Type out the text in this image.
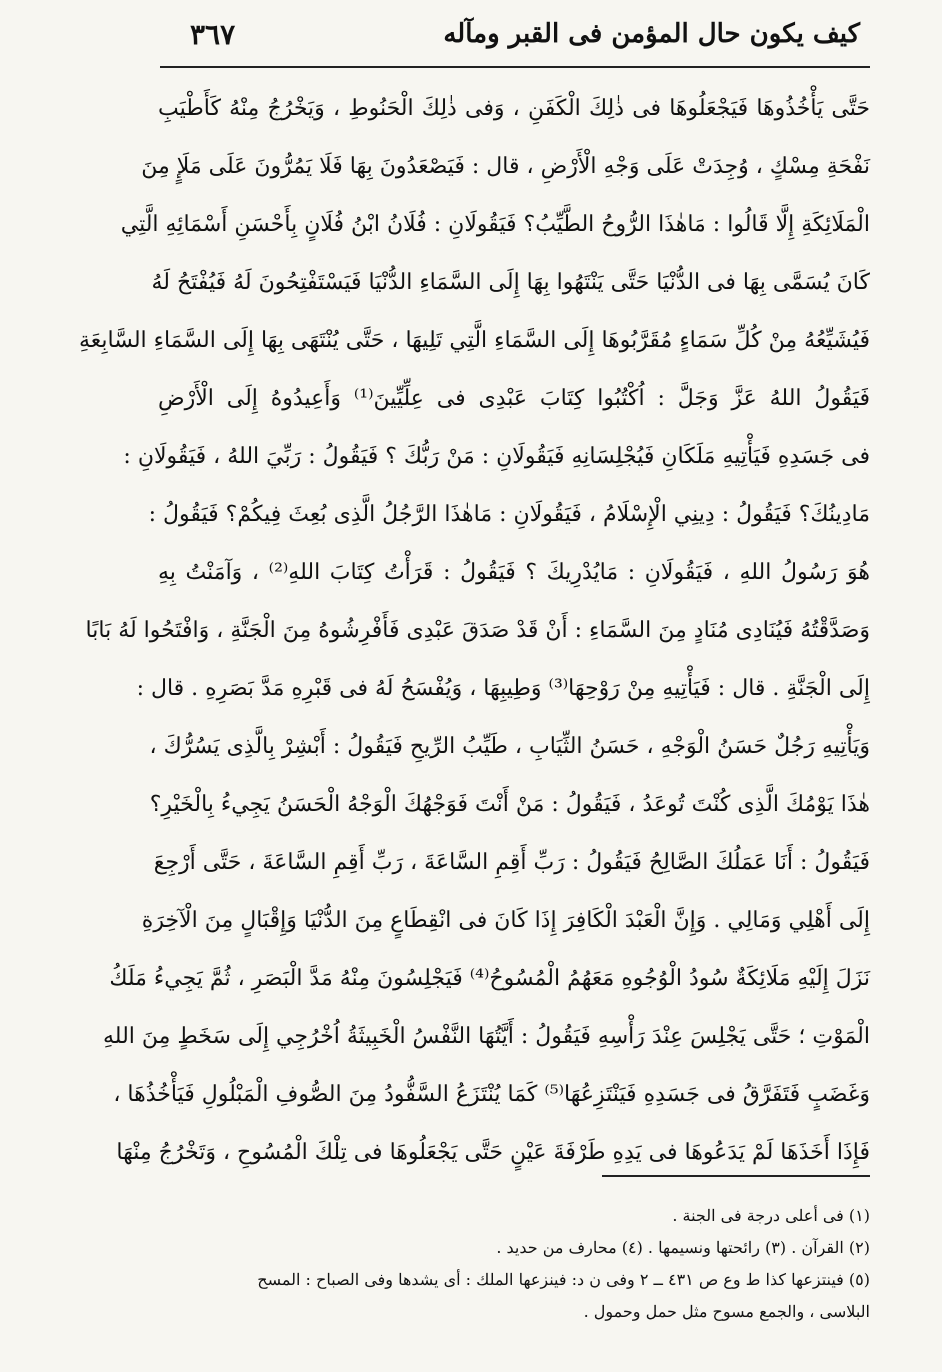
كيف يكون حال المؤمن فى القبر ومآله
٣٦٧
حَتَّى يَأْخُذُوهَا فَيَجْعَلُوهَا فى ذٰلِكَ الْكَفَنِ ، وَفى ذٰلِكَ الْحَنُوطِ ، وَيَخْرُجُ مِنْهُ كَأَطْيَبِ
نَفْحَةِ مِسْكٍ ، وُجِدَتْ عَلَى وَجْهِ الْأَرْضِ ، قال : فَيَصْعَدُونَ بِهَا فَلَا يَمُرُّونَ عَلَى مَلَإٍ مِنَ
الْمَلَائِكَةِ إِلَّا قَالُوا : مَاهٰذَا الرُّوحُ الطَّيِّبُ؟ فَيَقُولَانِ : فُلَانُ ابْنُ فُلَانٍ بِأَحْسَنِ أَسْمَائِهِ الَّتِي
كَانَ يُسَمَّى بِهَا فى الدُّنْيَا حَتَّى يَنْتَهُوا بِهَا إِلَى السَّمَاءِ الدُّنْيَا فَيَسْتَفْتِحُونَ لَهُ فَيُفْتَحُ لَهُ
فَيُشَيِّعُهُ مِنْ كُلِّ سَمَاءٍ مُقَرَّبُوهَا إِلَى السَّمَاءِ الَّتِي تَلِيهَا ، حَتَّى يُنْتَهَى بِهَا إِلَى السَّمَاءِ السَّابِعَةِ
فَيَقُولُ اللهُ عَزَّ وَجَلَّ : اُكْتُبُوا كِتَابَ عَبْدِى فى عِلِّيِّينَ⁽¹⁾ وَأَعِيدُوهُ إِلَى الْأَرْضِ
فى جَسَدِهِ فَيَأْتِيهِ مَلَكَانِ فَيُجْلِسَانِهِ فَيَقُولَانِ : مَنْ رَبُّكَ ؟ فَيَقُولُ : رَبِّيَ اللهُ ، فَيَقُولَانِ :
مَادِينُكَ؟ فَيَقُولُ : دِينِي الْإِسْلَامُ ، فَيَقُولَانِ : مَاهٰذَا الرَّجُلُ الَّذِى بُعِثَ فِيكُمْ؟ فَيَقُولُ :
هُوَ رَسُولُ اللهِ ، فَيَقُولَانِ : مَايُدْرِيكَ ؟ فَيَقُولُ : قَرَأْتُ كِتَابَ اللهِ⁽²⁾ ، وَآمَنْتُ بِهِ
وَصَدَّقْتُهُ فَيُنَادِى مُنَادٍ مِنَ السَّمَاءِ : أَنْ قَدْ صَدَقَ عَبْدِى فَأَفْرِشُوهُ مِنَ الْجَنَّةِ ، وَافْتَحُوا لَهُ بَابًا
إِلَى الْجَنَّةِ . قال : فَيَأْتِيهِ مِنْ رَوْحِهَا⁽³⁾ وَطِيبِهَا ، وَيُفْسَحُ لَهُ فى قَبْرِهِ مَدَّ بَصَرِهِ . قال :
وَيَأْتِيهِ رَجُلٌ حَسَنُ الْوَجْهِ ، حَسَنُ الثِّيَابِ ، طَيِّبُ الرِّيحِ فَيَقُولُ : أَبْشِرْ بِالَّذِى يَسُرُّكَ ،
هٰذَا يَوْمُكَ الَّذِى كُنْتَ تُوعَدُ ، فَيَقُولُ : مَنْ أَنْتَ فَوَجْهُكَ الْوَجْهُ الْحَسَنُ يَجِيءُ بِالْخَيْرِ؟
فَيَقُولُ : أَنَا عَمَلُكَ الصَّالِحُ فَيَقُولُ : رَبِّ أَقِمِ السَّاعَةَ ، رَبِّ أَقِمِ السَّاعَةَ ، حَتَّى أَرْجِعَ
إِلَى أَهْلِي وَمَالِي . وَإِنَّ الْعَبْدَ الْكَافِرَ إِذَا كَانَ فى انْقِطَاعٍ مِنَ الدُّنْيَا وَإِقْبَالٍ مِنَ الْآخِرَةِ
نَزَلَ إِلَيْهِ مَلَائِكَةٌ سُودُ الْوُجُوهِ مَعَهُمُ الْمُسُوحُ⁽⁴⁾ فَيَجْلِسُونَ مِنْهُ مَدَّ الْبَصَرِ ، ثُمَّ يَجِيءُ مَلَكُ
الْمَوْتِ ؛ حَتَّى يَجْلِسَ عِنْدَ رَأْسِهِ فَيَقُولُ : أَيَّتُهَا النَّفْسُ الْخَبِيثَةُ اُخْرُجِي إِلَى سَخَطٍ مِنَ اللهِ
وَغَضَبٍ فَتَفَرَّقُ فى جَسَدِهِ فَيَنْتَزِعُهَا⁽⁵⁾ كَمَا يُنْتَزَعُ السَّفُّودُ مِنَ الصُّوفِ الْمَبْلُولِ فَيَأْخُذُهَا ،
فَإِذَا أَخَذَهَا لَمْ يَدَعُوهَا فى يَدِهِ طَرْفَةَ عَيْنٍ حَتَّى يَجْعَلُوهَا فى تِلْكَ الْمُسُوحِ ، وَتَخْرُجُ مِنْهَا
(١) فى أعلى درجة فى الجنة .
(٢) القرآن . (٣) رائحتها ونسيمها . (٤) محارف من حديد .
(٥) فينتزعها كذا ط وع ص ٤٣١ ــ ٢ وفى ن د: فينزعها الملك : أى يشدها وفى الصباح : المسح
البلاسى ، والجمع مسوح مثل حمل وحمول .
